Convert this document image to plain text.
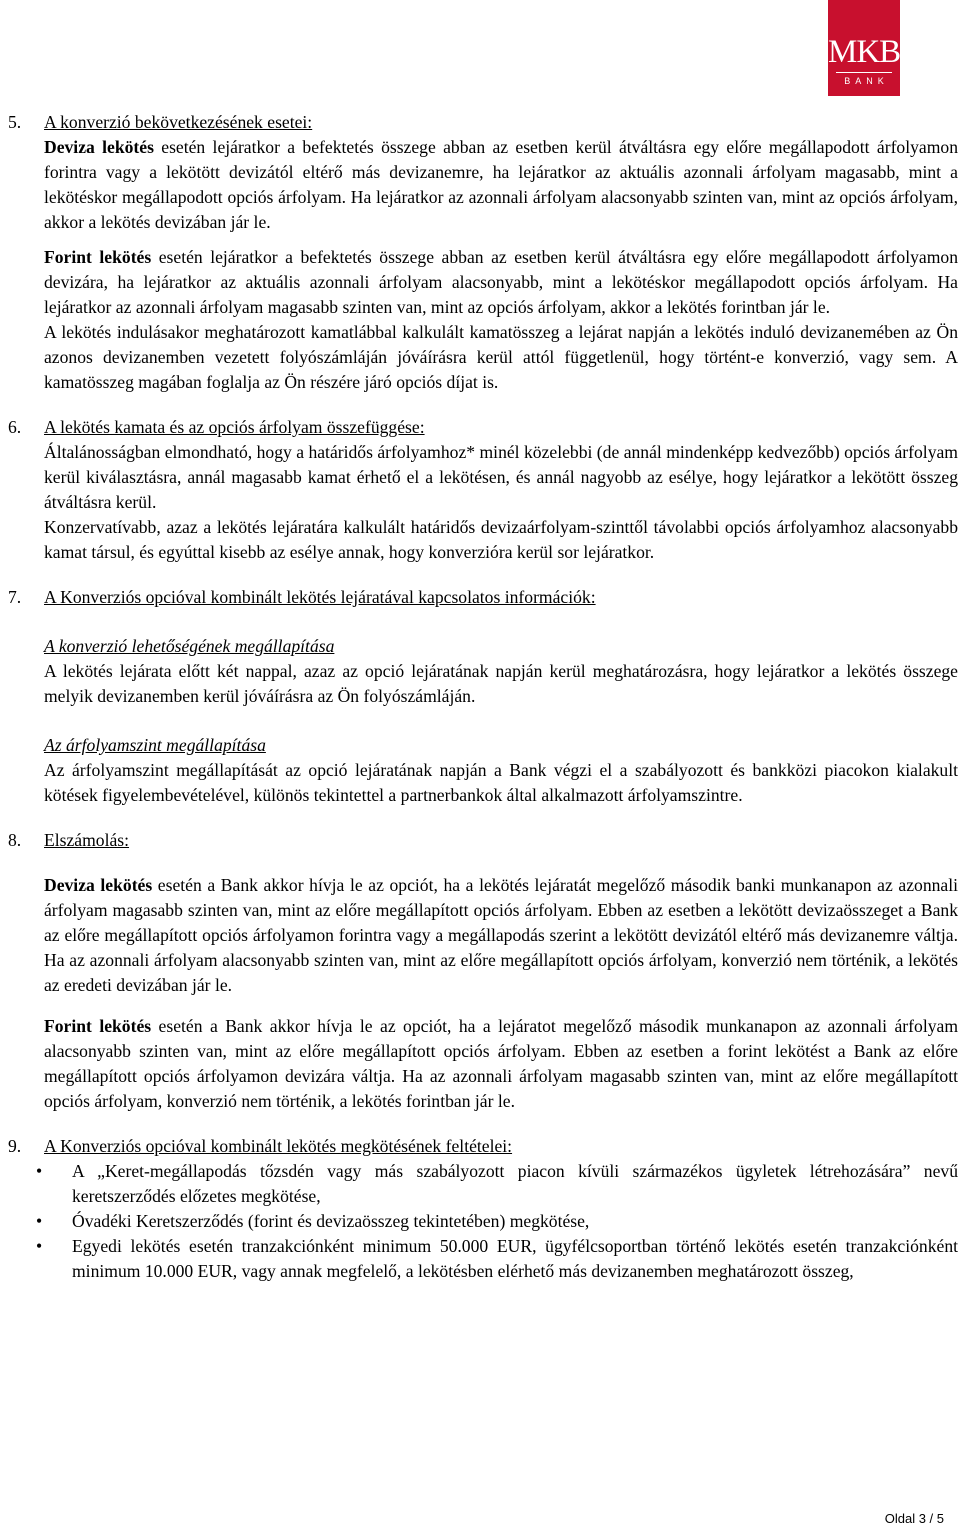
MKB
BANK
5. A konverzió bekövetkezésének esetei:

Deviza lekötés esetén lejáratkor a befektetés összege abban az esetben kerül átváltásra egy előre megállapodott árfolyamon forintra vagy a lekötött devizától eltérő más devizanemre, ha lejáratkor az aktuális azonnali árfolyam magasabb, mint a lekötéskor megállapodott opciós árfolyam. Ha lejáratkor az azonnali árfolyam alacsonyabb szinten van, mint az opciós árfolyam, akkor a lekötés devizában jár le.

Forint lekötés esetén lejáratkor a befektetés összege abban az esetben kerül átváltásra egy előre megállapodott árfolyamon devizára, ha lejáratkor az aktuális azonnali árfolyam alacsonyabb, mint a lekötéskor megállapodott opciós árfolyam. Ha lejáratkor az azonnali árfolyam magasabb szinten van, mint az opciós árfolyam, akkor a lekötés forintban jár le.

A lekötés indulásakor meghatározott kamatlábbal kalkulált kamatösszeg a lejárat napján a lekötés induló devizanemében az Ön azonos devizanemben vezetett folyószámláján jóváírásra kerül attól függetlenül, hogy történt-e konverzió, vagy sem. A kamatösszeg magában foglalja az Ön részére járó opciós díjat is.

6. A lekötés kamata és az opciós árfolyam összefüggése:

Általánosságban elmondható, hogy a határidős árfolyamhoz* minél közelebbi (de annál mindenképp kedvezőbb) opciós árfolyam kerül kiválasztásra, annál magasabb kamat érhető el a lekötésen, és annál nagyobb az esélye, hogy lejáratkor a lekötött összeg átváltásra kerül.

Konzervatívabb, azaz a lekötés lejáratára kalkulált határidős devizaárfolyam-szinttől távolabbi opciós árfolyamhoz alacsonyabb kamat társul, és egyúttal kisebb az esélye annak, hogy konverzióra kerül sor lejáratkor.

7. A Konverziós opcióval kombinált lekötés lejáratával kapcsolatos információk:
A konverzió lehetőségének megállapítása

A lekötés lejárata előtt két nappal, azaz az opció lejáratának napján kerül meghatározásra, hogy lejáratkor a lekötés összege melyik devizanemben kerül jóváírásra az Ön folyószámláján.

Az árfolyamszint megállapítása

Az árfolyamszint megállapítását az opció lejáratának napján a Bank végzi el a szabályozott és bankközi piacokon kialakult kötések figyelembevételével, különös tekintettel a partnerbankok által alkalmazott árfolyamszintre.

8. Elszámolás:

Deviza lekötés esetén a Bank akkor hívja le az opciót, ha a lekötés lejáratát megelőző második banki munkanapon az azonnali árfolyam magasabb szinten van, mint az előre megállapított opciós árfolyam. Ebben az esetben a lekötött devizaösszeget a Bank az előre megállapított opciós árfolyamon forintra vagy a megállapodás szerint a lekötött devizától eltérő más devizanemre váltja. Ha az azonnali árfolyam alacsonyabb szinten van, mint az előre megállapított opciós árfolyam, konverzió nem történik, a lekötés az eredeti devizában jár le.

Forint lekötés esetén a Bank akkor hívja le az opciót, ha a lejáratot megelőző második munkanapon az azonnali árfolyam alacsonyabb szinten van, mint az előre megállapított opciós árfolyam. Ebben az esetben a forint lekötést a Bank az előre megállapított opciós árfolyamon devizára váltja. Ha az azonnali árfolyam magasabb szinten van, mint az előre megállapított opciós árfolyam, konverzió nem történik, a lekötés forintban jár le.

9. A Konverziós opcióval kombinált lekötés megkötésének feltételei:
• A „Keret-megállapodás tőzsdén vagy más szabályozott piacon kívüli származékos ügyletek létrehozására” nevű keretszerződés előzetes megkötése,
• Óvadéki Keretszerződés (forint és devizaösszeg tekintetében) megkötése,
• Egyedi lekötés esetén tranzakciónként minimum 50.000 EUR, ügyfélcsoportban történő lekötés esetén tranzakciónként minimum 10.000 EUR, vagy annak megfelelő, a lekötésben elérhető más devizanemben meghatározott összeg,
Oldal 3 / 5
